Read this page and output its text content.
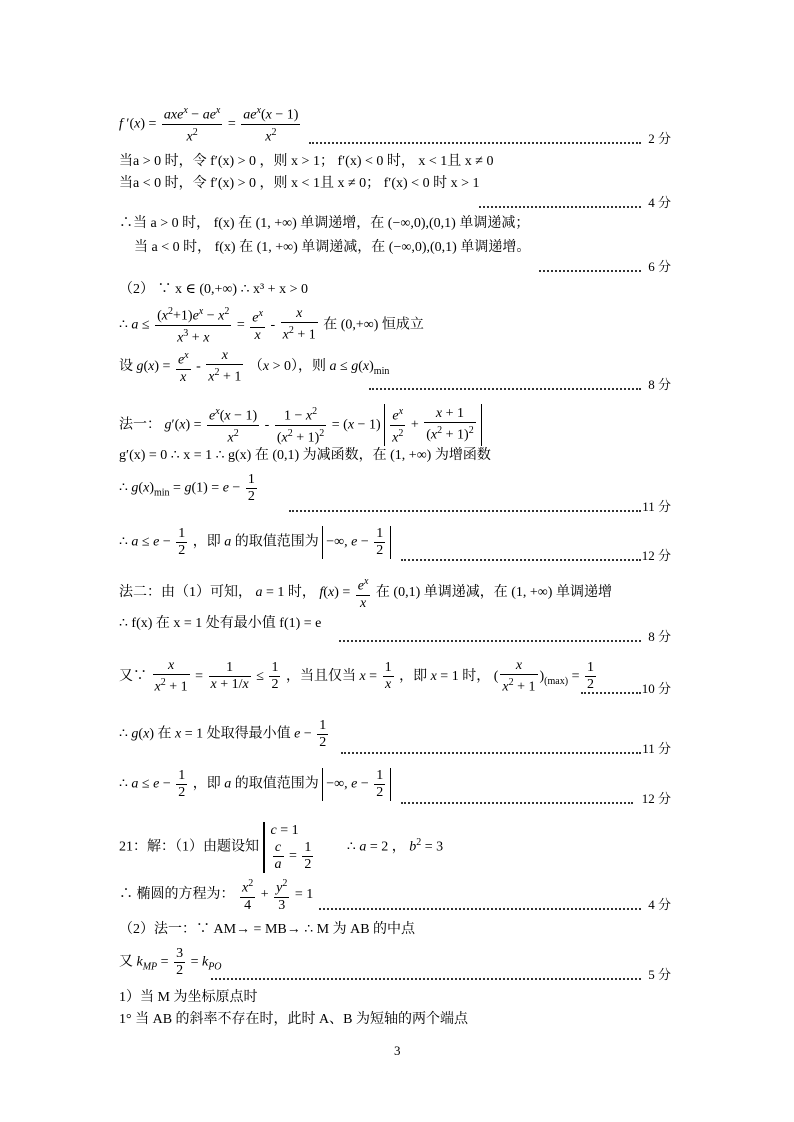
f $'(x) = \frac{axe^x - ae^x}{x^2} = \frac{ae^x(x - 1)}{x^2}$	2 分
当a > 0 时，令 f′(x) > 0 ，则 x > 1； f′(x) < 0 时， x < 1且 x ≠ 0
当a < 0 时，令 f′(x) > 0 ，则 x < 1且 x ≠ 0； f′(x) < 0 时 x > 1
4 分
∴当 a > 0 时， f(x) 在 (1, +∞) 单调递增，在 (−∞,0),(0,1) 单调递减；
当 a < 0 时， f(x) 在 (1, +∞) 单调递减，在 (−∞,0),(0,1) 单调递增。
6 分
（2） ∵ x ∈ (0,+∞) ∴ x³ + x > 0
∴ $a \le \frac{(x^2+1)e^x - x^2}{x^3 + x} = \frac{e^x}{x} - \frac{x}{x^2 + 1}$ 在 (0,+∞) 恒成立
设 $g(x) = \frac{e^x}{x} - \frac{x}{x^2 + 1} (x > 0)$，则 $a \le g(x)_{min}$
8 分
法一： $g'(x) = \frac{e^x(x - 1)}{x^2} - \frac{1 - x^2}{(x^2 + 1)^2} = (x - 1) \frac{e^x}{x^2} + \frac{x + 1}{(x^2 + 1)^2}$
g′(x) = 0 ∴ x = 1 ∴ g(x) 在 (0,1) 为减函数，在 (1, +∞) 为增函数
∴ $g(x)_{min} = g(1) = e - \frac{1}{2}$
11 分
∴ $a \le e - \frac{1}{2}$ ，即 a 的取值范围为 −∞, $e - \frac{1}{2}$	12 分
法二：由（1）可知， a = 1 时， $f(x) = \frac{e^x}{x}$ 在 (0,1) 单调递减，在 (1, +∞) 单调递增
∴ f(x) 在 x = 1 处有最小值 f(1) = e
8 分
又∵ $\frac{x}{x^2 + 1} = \frac{1}{x + 1/x} \le \frac{1}{2}$ ，当且仅当 $x = \frac{1}{x}$ ，即 x = 1 时， ( $\frac{x}{x^2 + 1} )_{(max)} = \frac{1}{2}$	10 分
∴ g(x) 在 x = 1 处取得最小值 $e - \frac{1}{2}$	11 分
∴ $a \le e - \frac{1}{2}$ ，即 a 的取值范围为 −∞, $e - \frac{1}{2}$	12 分
21：解：（1）由题设知 c = 1

$\frac{c}{a} = \frac{1}{2}$ ∴ a = 2 ， $b^2 = 3$
∴ 椭圆的方程为： $\frac{x^2}{4} + \frac{y^2}{3} = 1$
4 分
（2）法一：∵ AM→ = MB→ ∴ M 为 AB 的中点
又 $k_{MP} = \frac{3}{2} = k_{PO}$	5 分
1）当 M 为坐标原点时
1° 当 AB 的斜率不存在时，此时 A、B 为短轴的两个端点
3
